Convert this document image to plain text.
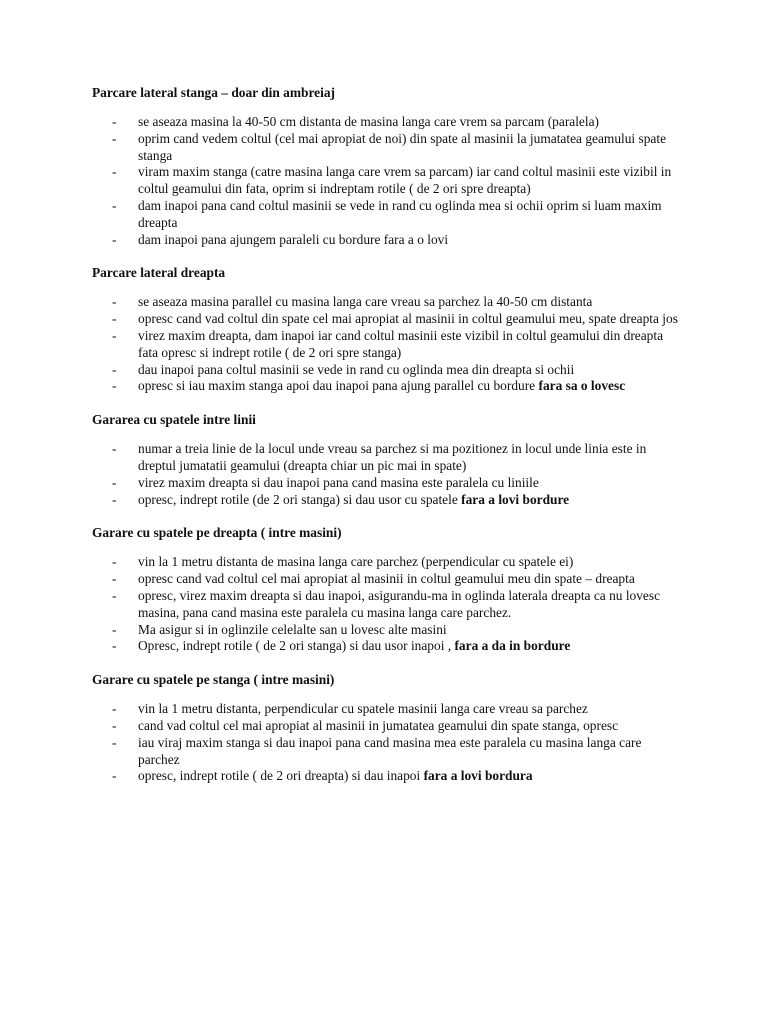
Parcare lateral stanga – doar din ambreiaj

- se aseaza masina la 40-50 cm distanta de masina langa care vrem sa parcam (paralela)
- oprim cand vedem coltul (cel mai apropiat de noi) din spate al masinii la jumatatea geamului spate stanga
- viram maxim stanga (catre masina langa care vrem sa parcam) iar cand coltul masinii este vizibil in coltul geamului din fata, oprim si indreptam rotile ( de 2 ori spre dreapta)
- dam inapoi pana cand coltul masinii se vede in rand cu oglinda mea si ochii oprim si luam maxim dreapta
- dam inapoi pana ajungem paraleli cu bordure fara a o lovi

Parcare lateral dreapta

- se aseaza masina parallel cu masina langa care vreau sa parchez la 40-50 cm distanta
- opresc cand vad coltul din spate cel mai apropiat al masinii in coltul geamului meu, spate dreapta jos
- virez maxim dreapta, dam inapoi iar cand coltul masinii este vizibil in coltul geamului din dreapta fata opresc si indrept rotile ( de 2 ori spre stanga)
- dau inapoi pana coltul masinii se vede in rand cu oglinda mea din dreapta si ochii
- opresc si iau maxim stanga apoi dau inapoi pana ajung parallel cu bordure fara sa o lovesc

Gararea cu spatele intre linii

- numar a treia linie de la locul unde vreau sa parchez si ma pozitionez in locul unde linia este in dreptul jumatatii geamului (dreapta chiar un pic mai in spate)
- virez maxim dreapta si dau inapoi pana cand masina este paralela cu liniile
- opresc, indrept rotile (de 2 ori stanga) si dau usor cu spatele fara a lovi bordure

Garare cu spatele pe dreapta ( intre masini)

- vin la 1 metru distanta de masina langa care parchez (perpendicular cu spatele ei)
- opresc cand vad coltul cel mai apropiat al masinii in coltul geamului meu din spate – dreapta
- opresc, virez maxim dreapta si dau inapoi, asigurandu-ma in oglinda laterala dreapta ca nu lovesc masina, pana cand masina este paralela cu masina langa care parchez.
- Ma asigur si in oglinzile celelalte san u lovesc alte masini
- Opresc, indrept rotile ( de 2 ori stanga) si dau usor inapoi , fara a da in bordure

Garare cu spatele pe stanga ( intre masini)

- vin la 1 metru distanta, perpendicular cu spatele masinii langa care vreau sa parchez
- cand vad coltul cel mai apropiat al masinii in jumatatea geamului din spate stanga, opresc
- iau viraj maxim stanga si dau inapoi pana cand masina mea este paralela cu masina langa care parchez
- opresc, indrept rotile ( de 2 ori dreapta) si dau inapoi fara a lovi bordura
